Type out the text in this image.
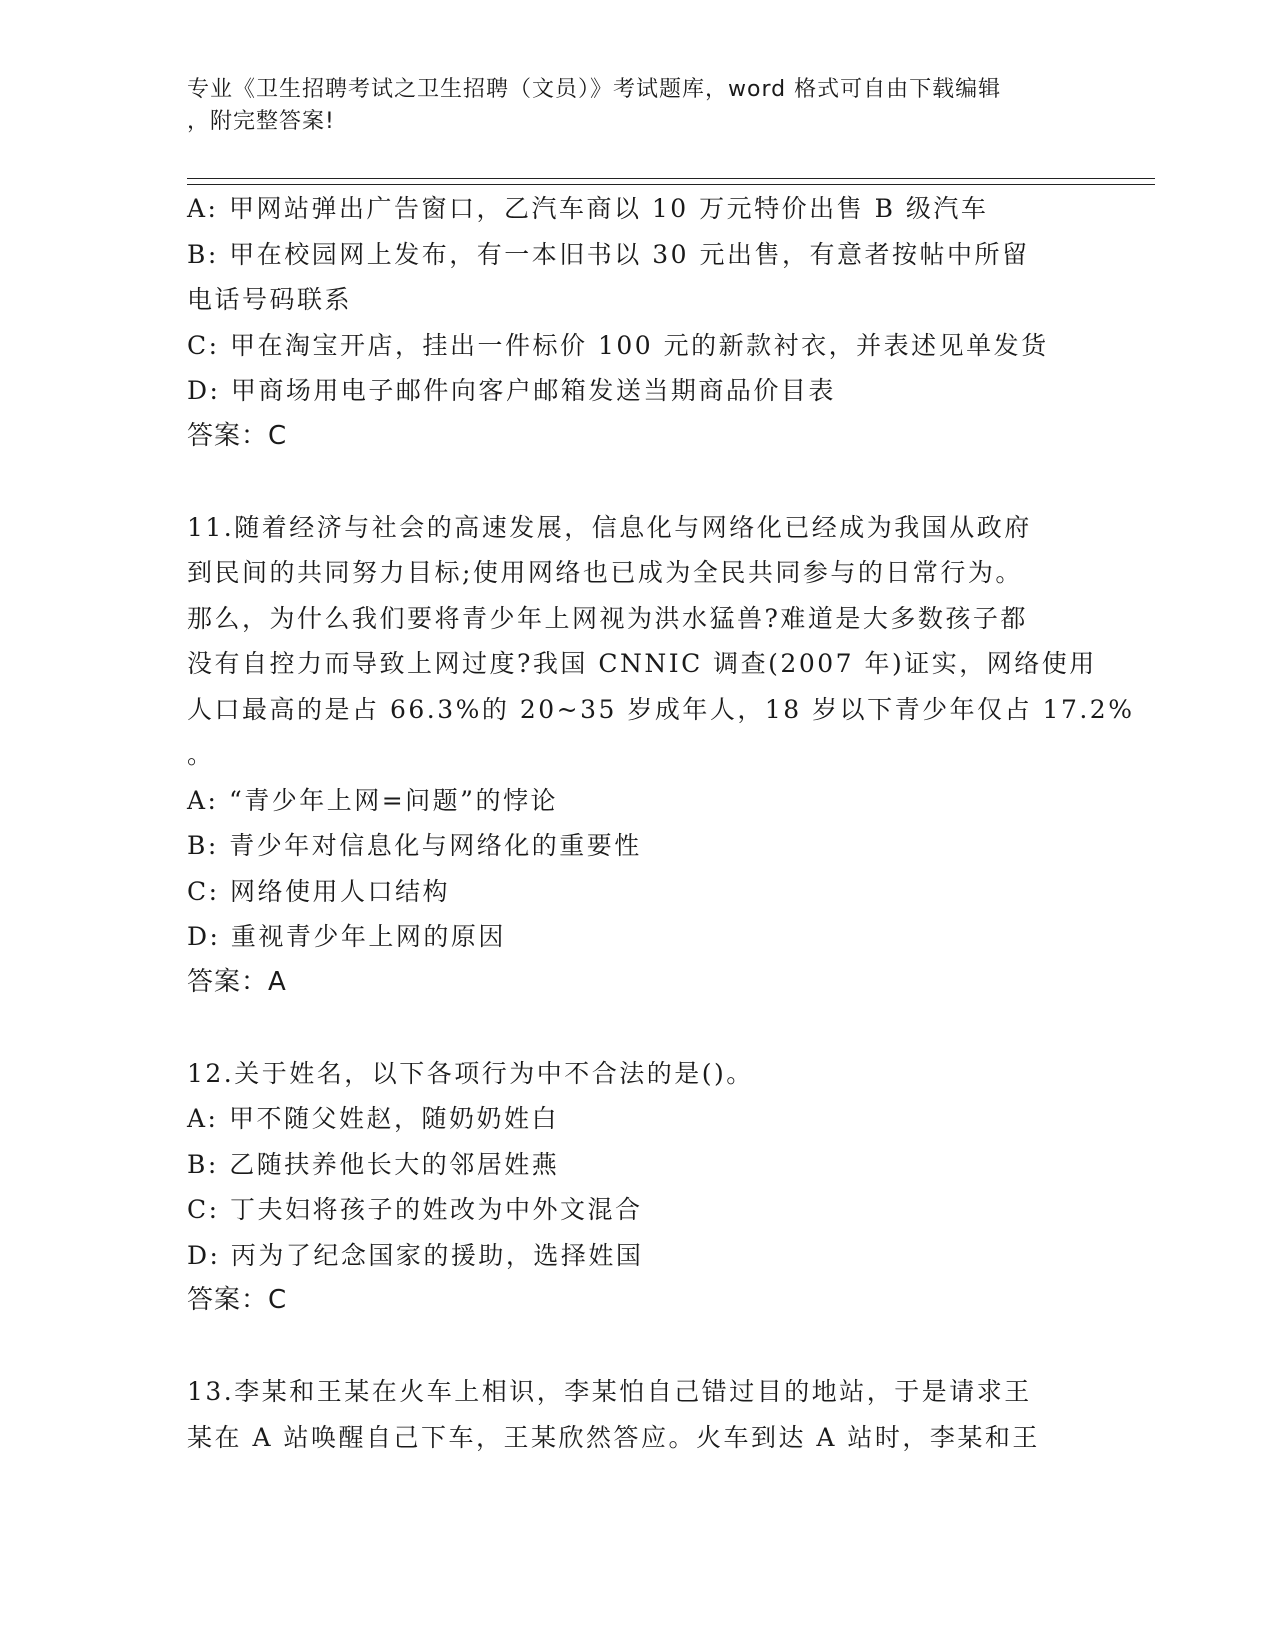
专业《卫生招聘考试之卫生招聘（文员）》考试题库，word 格式可自由下载编辑
，附完整答案!
A: 甲网站弹出广告窗口，乙汽车商以 10 万元特价出售 B 级汽车
B: 甲在校园网上发布，有一本旧书以 30 元出售，有意者按帖中所留
电话号码联系
C: 甲在淘宝开店，挂出一件标价 100 元的新款衬衣，并表述见单发货
D: 甲商场用电子邮件向客户邮箱发送当期商品价目表
答案：C
11.随着经济与社会的高速发展，信息化与网络化已经成为我国从政府
到民间的共同努力目标;使用网络也已成为全民共同参与的日常行为。
那么，为什么我们要将青少年上网视为洪水猛兽?难道是大多数孩子都
没有自控力而导致上网过度?我国 CNNIC 调查(2007 年)证实，网络使用
人口最高的是占 66.3%的 20~35 岁成年人，18 岁以下青少年仅占 17.2%
。
A: “青少年上网=问题”的悖论
B: 青少年对信息化与网络化的重要性
C: 网络使用人口结构
D: 重视青少年上网的原因
答案：A
12.关于姓名，以下各项行为中不合法的是()。
A: 甲不随父姓赵，随奶奶姓白
B: 乙随扶养他长大的邻居姓燕
C: 丁夫妇将孩子的姓改为中外文混合
D: 丙为了纪念国家的援助，选择姓国
答案：C
13.李某和王某在火车上相识，李某怕自己错过目的地站，于是请求王
某在 A 站唤醒自己下车，王某欣然答应。火车到达 A 站时，李某和王
